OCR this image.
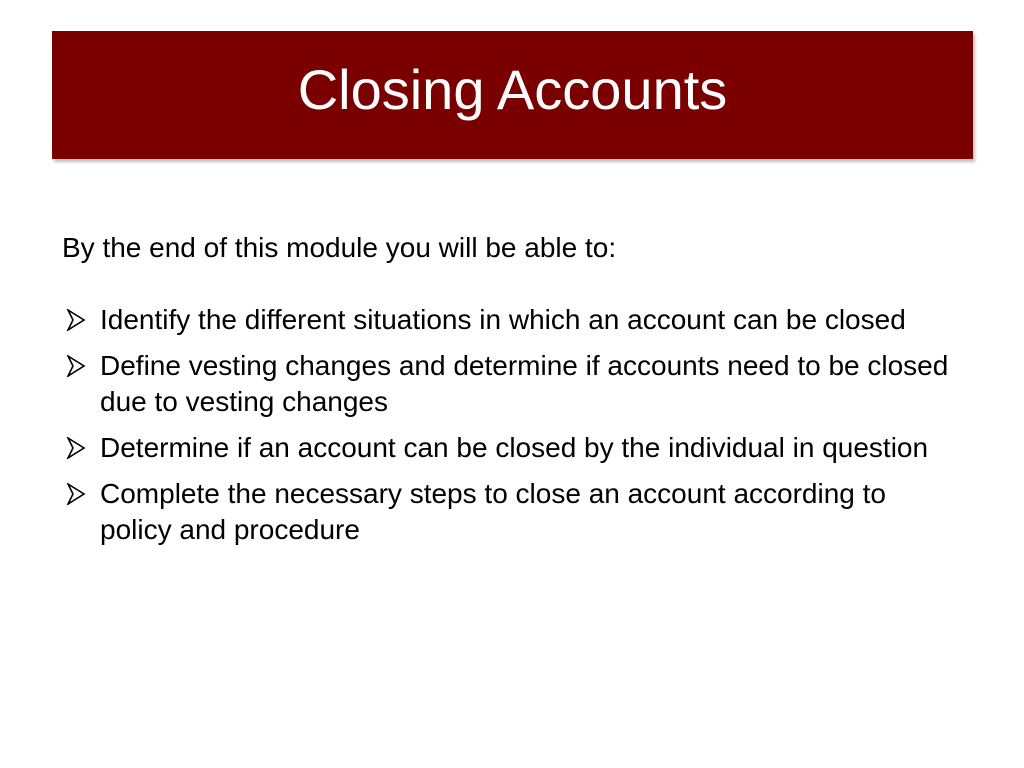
Closing Accounts

By the end of this module you will be able to:

Identify the different situations in which an account can be closed
Define vesting changes and determine if accounts need to be closed due to vesting changes
Determine if an account can be closed by the individual in question
Complete the necessary steps to close an account according to policy and procedure
